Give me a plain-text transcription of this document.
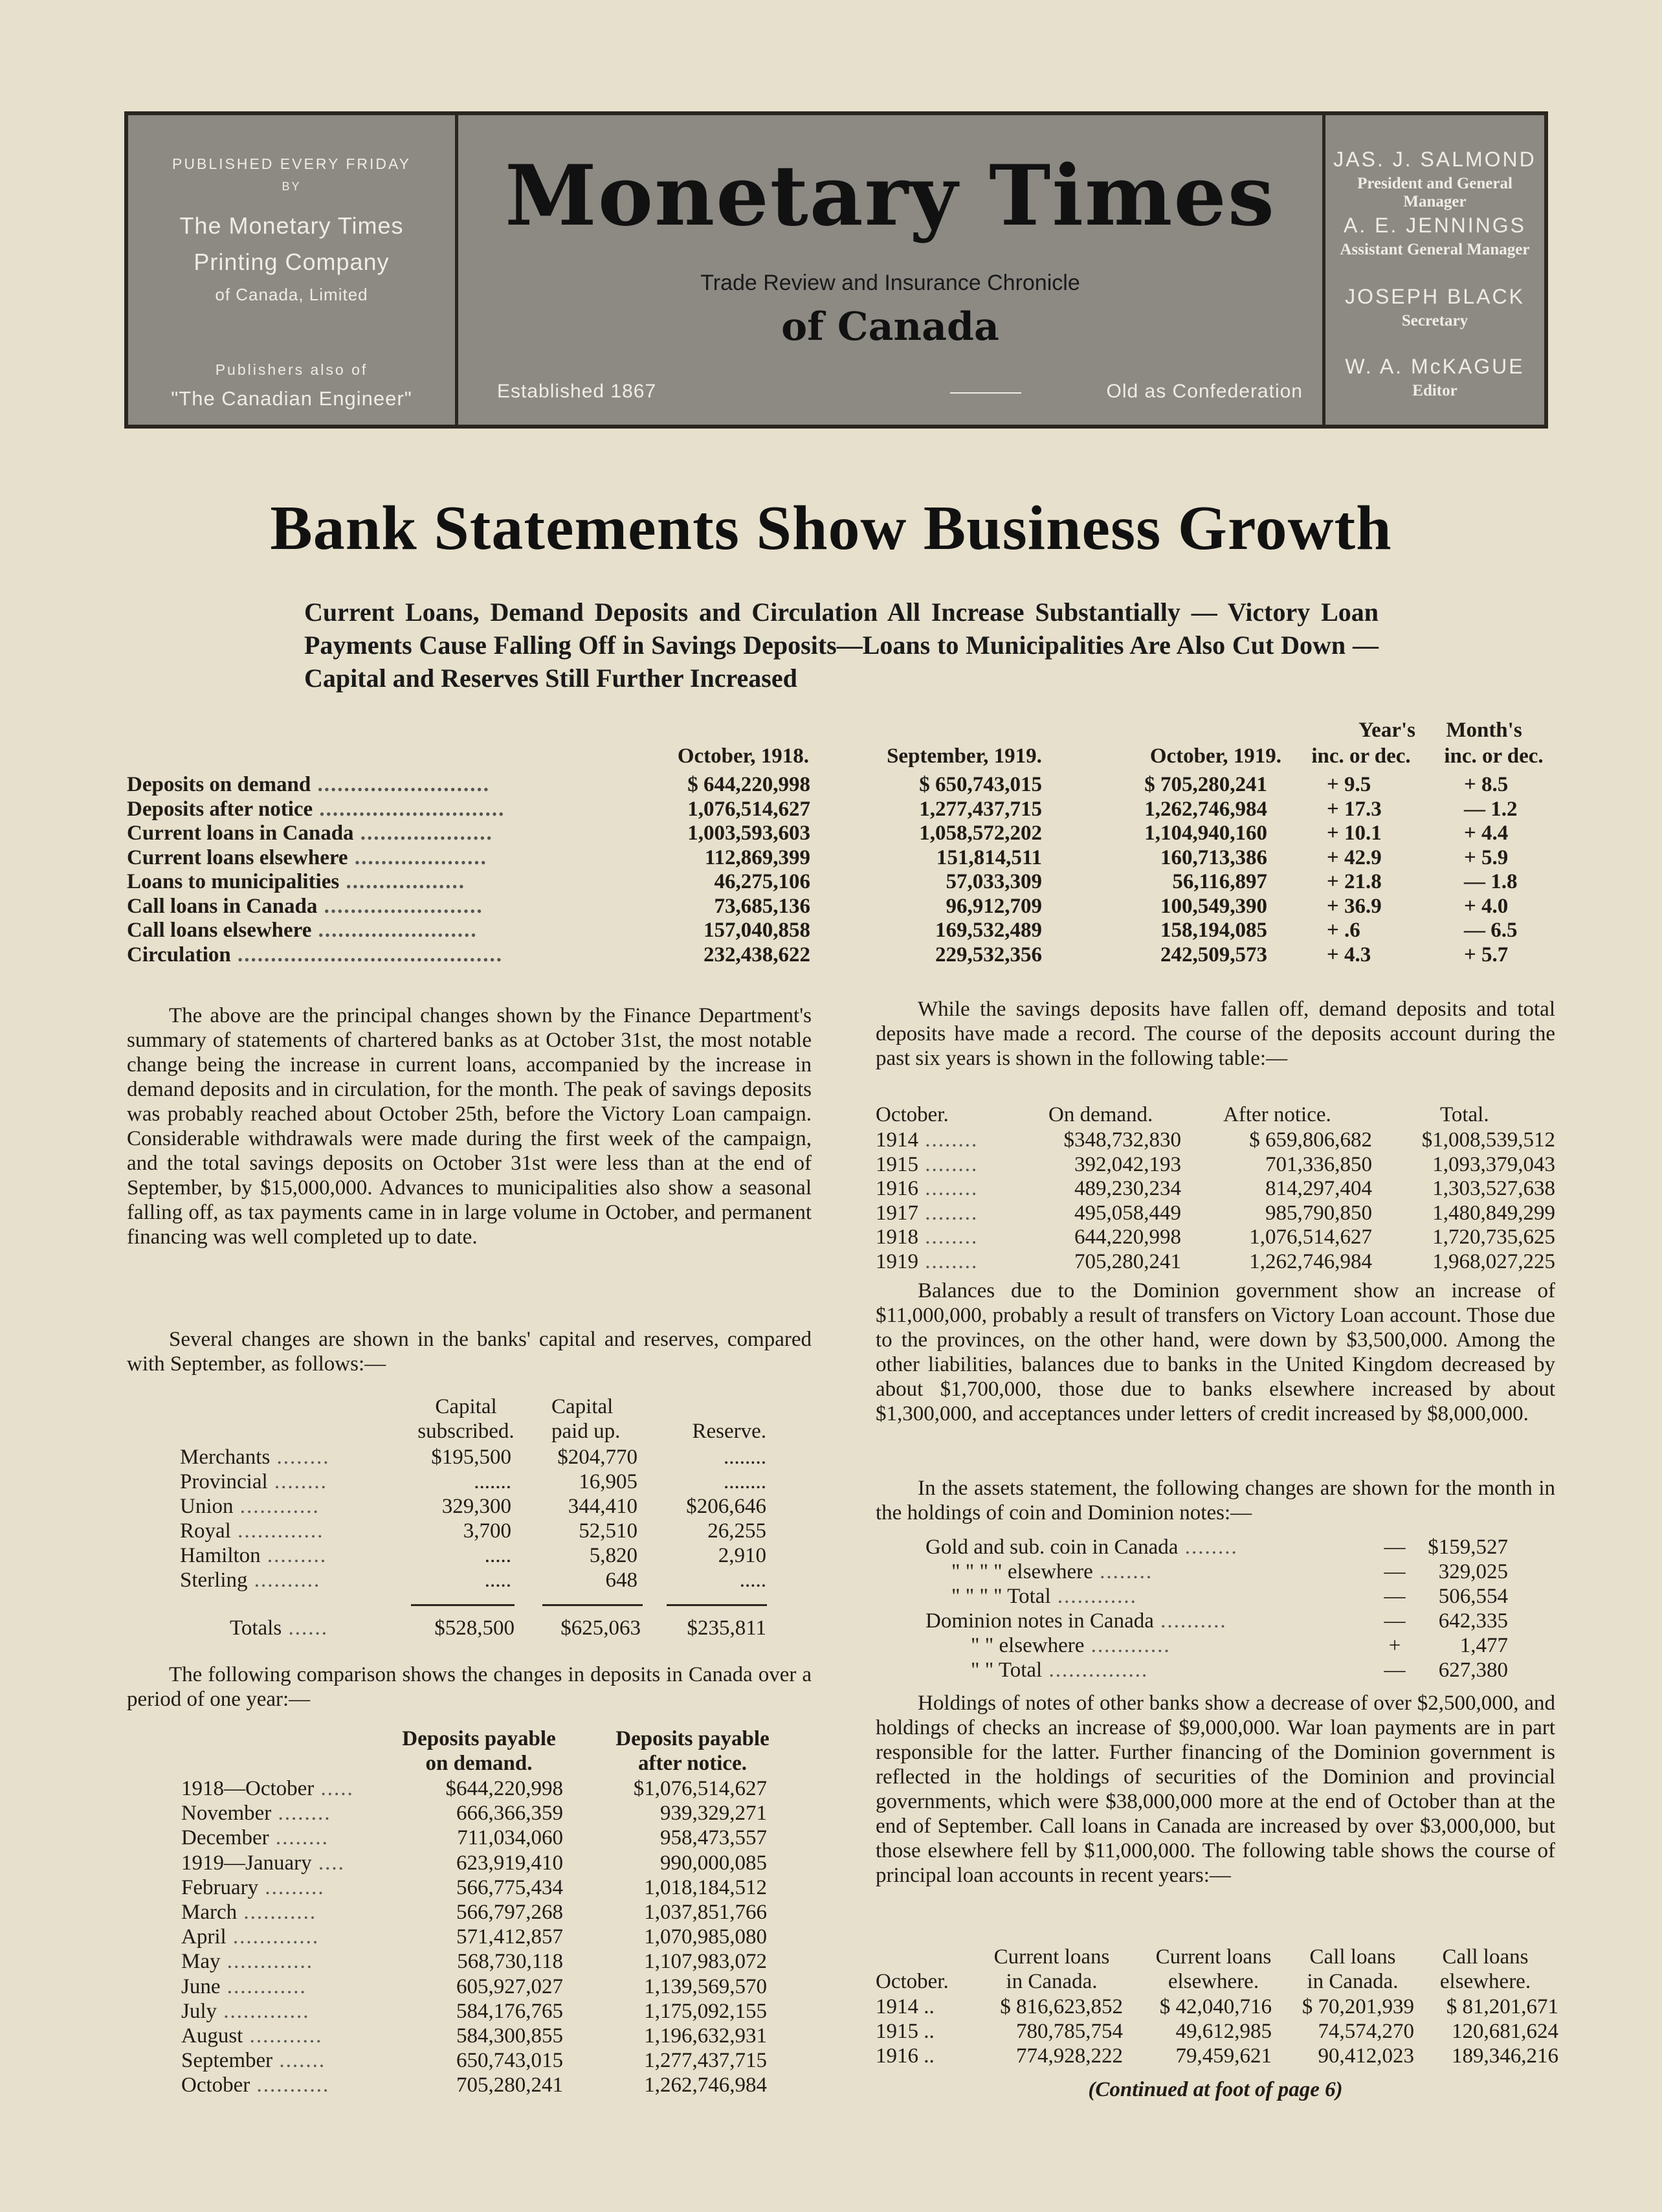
PUBLISHED EVERY FRIDAY
BY
The Monetary Times
Printing Company
of Canada, Limited
Publishers also of
"The Canadian Engineer"
Monetary Times
Trade Review and Insurance Chronicle
of Canada
Established 1867	Old as Confederation
JAS. J. SALMOND
President and General Manager
A. E. JENNINGS
Assistant General Manager
JOSEPH BLACK
Secretary
W. A. McKAGUE
Editor
Bank Statements Show Business Growth
Current Loans, Demand Deposits and Circulation All Increase Substantially — Victory Loan Payments Cause Falling Off in Savings Deposits—Loans to Municipalities Are Also Cut Down — Capital and Reserves Still Further Increased
Year's	Month's
October, 1918.	September, 1919.	October, 1919.	inc. or dec.	inc. or dec.
Deposits on demand ..........................	$ 644,220,998	$ 650,743,015	$ 705,280,241	+ 9.5	+ 8.5
Deposits after notice ............................	1,076,514,627	1,277,437,715	1,262,746,984	+ 17.3	— 1.2
Current loans in Canada ....................	1,003,593,603	1,058,572,202	1,104,940,160	+ 10.1	+ 4.4
Current loans elsewhere ....................	112,869,399	151,814,511	160,713,386	+ 42.9	+ 5.9
Loans to municipalities ..................	46,275,106	57,033,309	56,116,897	+ 21.8	— 1.8
Call loans in Canada ........................	73,685,136	96,912,709	100,549,390	+ 36.9	+ 4.0
Call loans elsewhere ........................	157,040,858	169,532,489	158,194,085	+ .6	— 6.5
Circulation ........................................	232,438,622	229,532,356	242,509,573	+ 4.3	+ 5.7

The above are the principal changes shown by the Finance Department's summary of statements of chartered banks as at October 31st, the most notable change being the increase in current loans, accompanied by the increase in demand deposits and in circulation, for the month. The peak of savings deposits was probably reached about October 25th, before the Victory Loan campaign. Considerable withdrawals were made during the first week of the campaign, and the total savings deposits on October 31st were less than at the end of September, by $15,000,000. Advances to municipalities also show a seasonal falling off, as tax payments came in in large volume in October, and permanent financing was well completed up to date.

Several changes are shown in the banks' capital and reserves, compared with September, as follows:—

Capital
subscribed.
Capital
paid up.	Reserve.
Merchants ........	$195,500	$204,770	........
Provincial ........	.......	16,905	........
Union ............	329,300	344,410	$206,646
Royal .............	3,700	52,510	26,255
Hamilton .........	.....	5,820	2,910
Sterling ..........	.....	648	.....
Totals ......	$528,500	$625,063	$235,811

The following comparison shows the changes in deposits in Canada over a period of one year:—

Deposits payable
on demand.
Deposits payable
after notice.
1918—October .....	$644,220,998	$1,076,514,627
November ........	666,366,359	939,329,271
December ........	711,034,060	958,473,557
1919—January ....	623,919,410	990,000,085
February .........	566,775,434	1,018,184,512
March ...........	566,797,268	1,037,851,766
April .............	571,412,857	1,070,985,080
May .............	568,730,118	1,107,983,072
June ............	605,927,027	1,139,569,570
July .............	584,176,765	1,175,092,155
August ...........	584,300,855	1,196,632,931
September .......	650,743,015	1,277,437,715
October ...........	705,280,241	1,262,746,984

While the savings deposits have fallen off, demand deposits and total deposits have made a record. The course of the deposits account during the past six years is shown in the following table:—

October.	On demand.	After notice.	Total.
1914 ........	$348,732,830	$ 659,806,682	$1,008,539,512
1915 ........	392,042,193	701,336,850	1,093,379,043
1916 ........	489,230,234	814,297,404	1,303,527,638
1917 ........	495,058,449	985,790,850	1,480,849,299
1918 ........	644,220,998	1,076,514,627	1,720,735,625
1919 ........	705,280,241	1,262,746,984	1,968,027,225

Balances due to the Dominion government show an increase of $11,000,000, probably a result of transfers on Victory Loan account. Those due to the provinces, on the other hand, were down by $3,500,000. Among the other liabilities, balances due to banks in the United Kingdom decreased by about $1,700,000, those due to banks elsewhere increased by about $1,300,000, and acceptances under letters of credit increased by $8,000,000.

In the assets statement, the following changes are shown for the month in the holdings of coin and Dominion notes:—

Gold and sub. coin in Canada ........	—	$159,527
" " " " elsewhere ........	—	329,025
" " " " Total ............	—	506,554
Dominion notes in Canada ..........	—	642,335
" " elsewhere ............	+	1,477
" " Total ...............	—	627,380

Holdings of notes of other banks show a decrease of over $2,500,000, and holdings of checks an increase of $9,000,000. War loan payments are in part responsible for the latter. Further financing of the Dominion government is reflected in the holdings of securities of the Dominion and provincial governments, which were $38,000,000 more at the end of October than at the end of September. Call loans in Canada are increased by over $3,000,000, but those elsewhere fell by $11,000,000. The following table shows the course of principal loan accounts in recent years:—

Current loans
in Canada.
Current loans
elsewhere.
Call loans
in Canada.
Call loans
elsewhere.
October.
1914 ..	$ 816,623,852	$ 42,040,716	$ 70,201,939	$ 81,201,671
1915 ..	780,785,754	49,612,985	74,574,270	120,681,624
1916 ..	774,928,222	79,459,621	90,412,023	189,346,216
(Continued at foot of page 6)
